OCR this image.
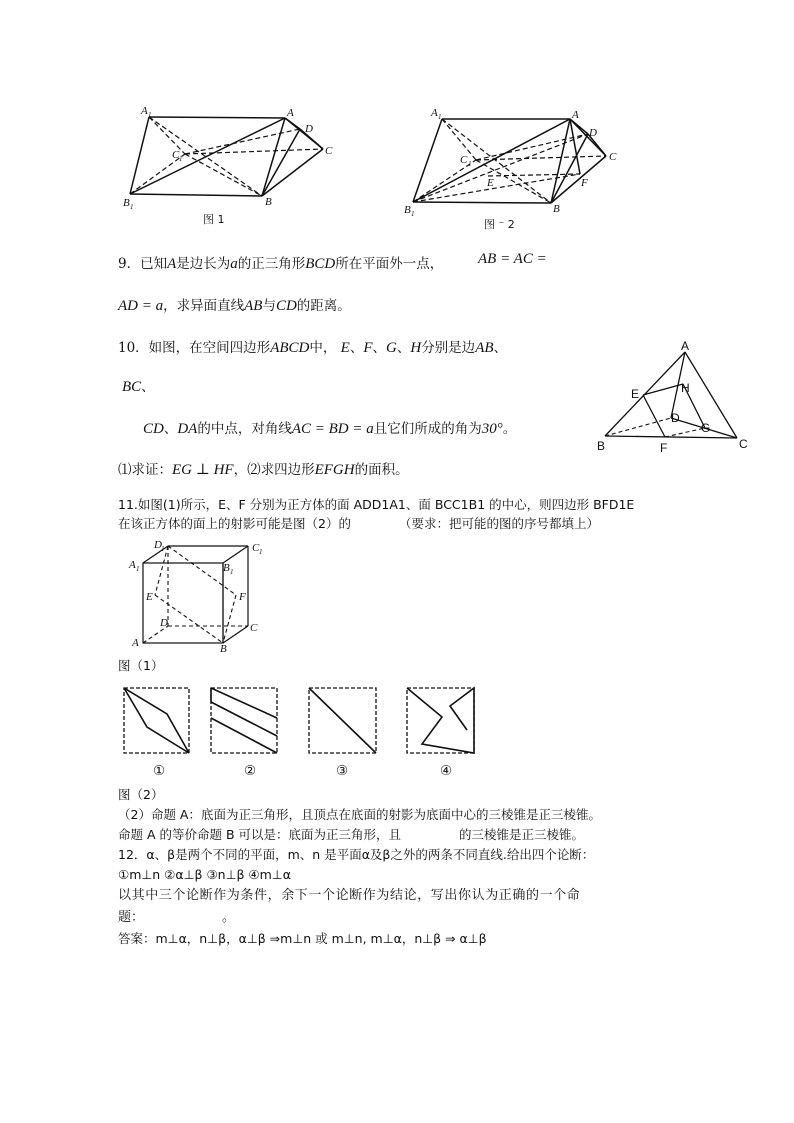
A 1	A
D
C
C 1
B 1	B
图 1
A 1	A
D
C
C 1
E	F
B 1	B
图 ⁻ 2
9．已知A是边长为a的正三角形BCD所在平面外一点， AB = AC =
AD = a，求异面直线AB与CD的距离。
10．如图，在空间四边形ABCD中， E、F、G、H分别是边AB、
BC、
CD、DA的中点，对角线AC = BD = a且它们所成的角为30°。
⑴求证：EG ⊥ HF，⑵求四边形EFGH的面积。
A
E	H
D
G
B	F	C
11.如图(1)所示，E、F 分别为正方体的面 ADD1A1、面 BCC1B1 的中心，则四边形 BFD1E
在该正方体的面上的射影可能是图（2）的	（要求：把可能的图的序号都填上）
D 1	C 1
A 1	B 1
E	F
D	C
A	B
图（1）
①	②	③	④
图（2）
（2）命题 A：底面为正三角形，且顶点在底面的射影为底面中心的三棱锥是正三棱锥。
命题 A 的等价命题 B 可以是：底面为正三角形，且	的三棱锥是正三棱锥。
12．α、β是两个不同的平面，m、n 是平面α及β之外的两条不同直线.给出四个论断：
①m⊥n ②α⊥β ③n⊥β ④m⊥α
以其中三个论断作为条件，余下一个论断作为结论，写出你认为正确的一个命
题：	。
答案：m⊥α，n⊥β，α⊥β ⇒m⊥n 或 m⊥n, m⊥α，n⊥β ⇒ α⊥β
